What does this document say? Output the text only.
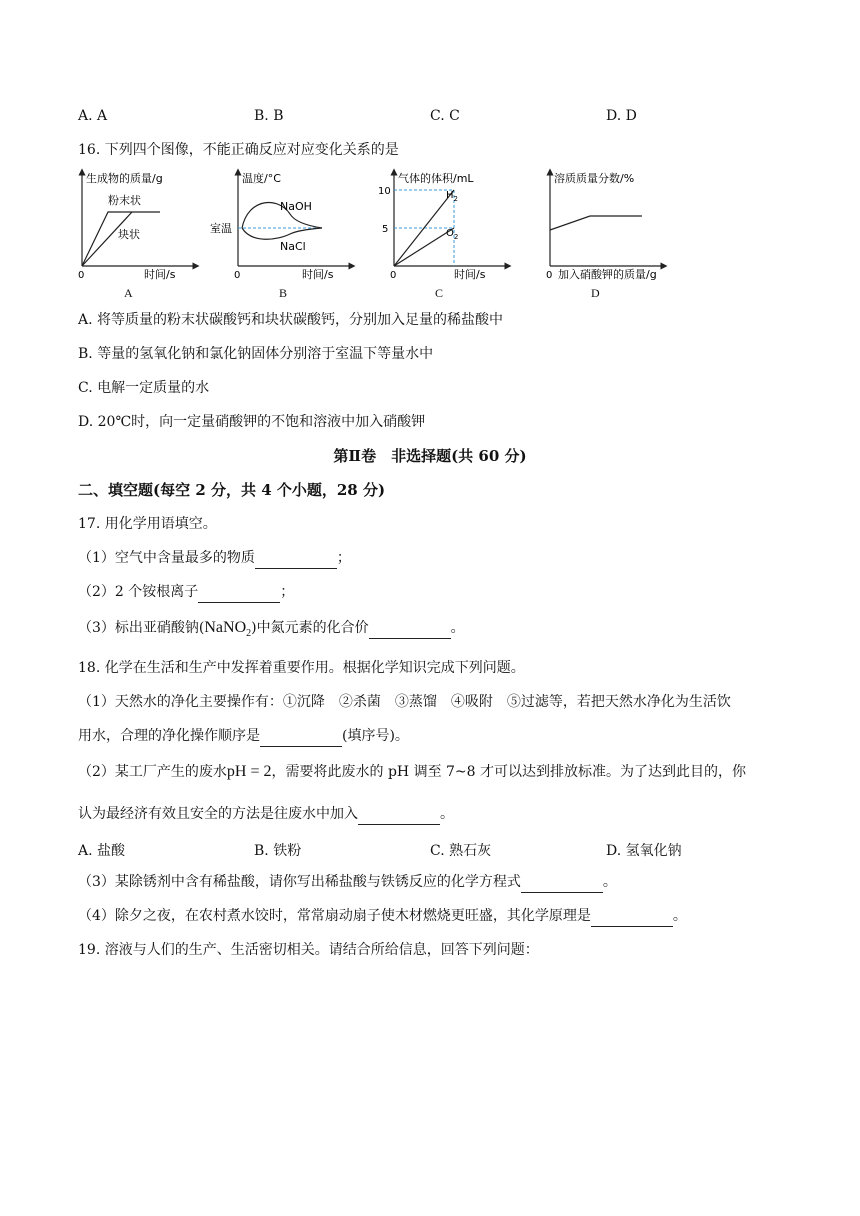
A. A	B. B	C. C	D. D
16. 下列四个图像，不能正确反应对应变化关系的是
生成物的质量/g
粉末状
块状
0	时间/s
A
温度/°C
室温
NaOH
NaCl
0	时间/s
B
气体的体积/mL
10
5
$H_2$
$O_2$
0	时间/s
C
溶质质量分数/%
0 加入硝酸钾的质量/g
D
A. 将等质量的粉末状碳酸钙和块状碳酸钙，分别加入足量的稀盐酸中
B. 等量的氢氧化钠和氯化钠固体分别溶于室温下等量水中
C. 电解一定质量的水
D. 20℃时，向一定量硝酸钾的不饱和溶液中加入硝酸钾
第Ⅱ卷　非选择题(共 60 分)
二、填空题(每空 2 分，共 4 个小题，28 分)
17. 用化学用语填空。
（1）空气中含量最多的物质	；
（2）2 个铵根离子	；
（3）标出亚硝酸钠(NaNO$_2$)中氮元素的化合价	。
18. 化学在生活和生产中发挥着重要作用。根据化学知识完成下列问题。
（1）天然水的净化主要操作有：①沉降　②杀菌　③蒸馏　④吸附　⑤过滤等，若把天然水净化为生活饮
用水，合理的净化操作顺序是	(填序号)。
（2）某工厂产生的废水pH = 2，需要将此废水的 pH 调至 7~8 才可以达到排放标准。为了达到此目的，你
认为最经济有效且安全的方法是往废水中加入	。
A. 盐酸	B. 铁粉	C. 熟石灰	D. 氢氧化钠
（3）某除锈剂中含有稀盐酸，请你写出稀盐酸与铁锈反应的化学方程式	。
（4）除夕之夜，在农村煮水饺时，常常扇动扇子使木材燃烧更旺盛，其化学原理是	。
19. 溶液与人们的生产、生活密切相关。请结合所给信息，回答下列问题：
